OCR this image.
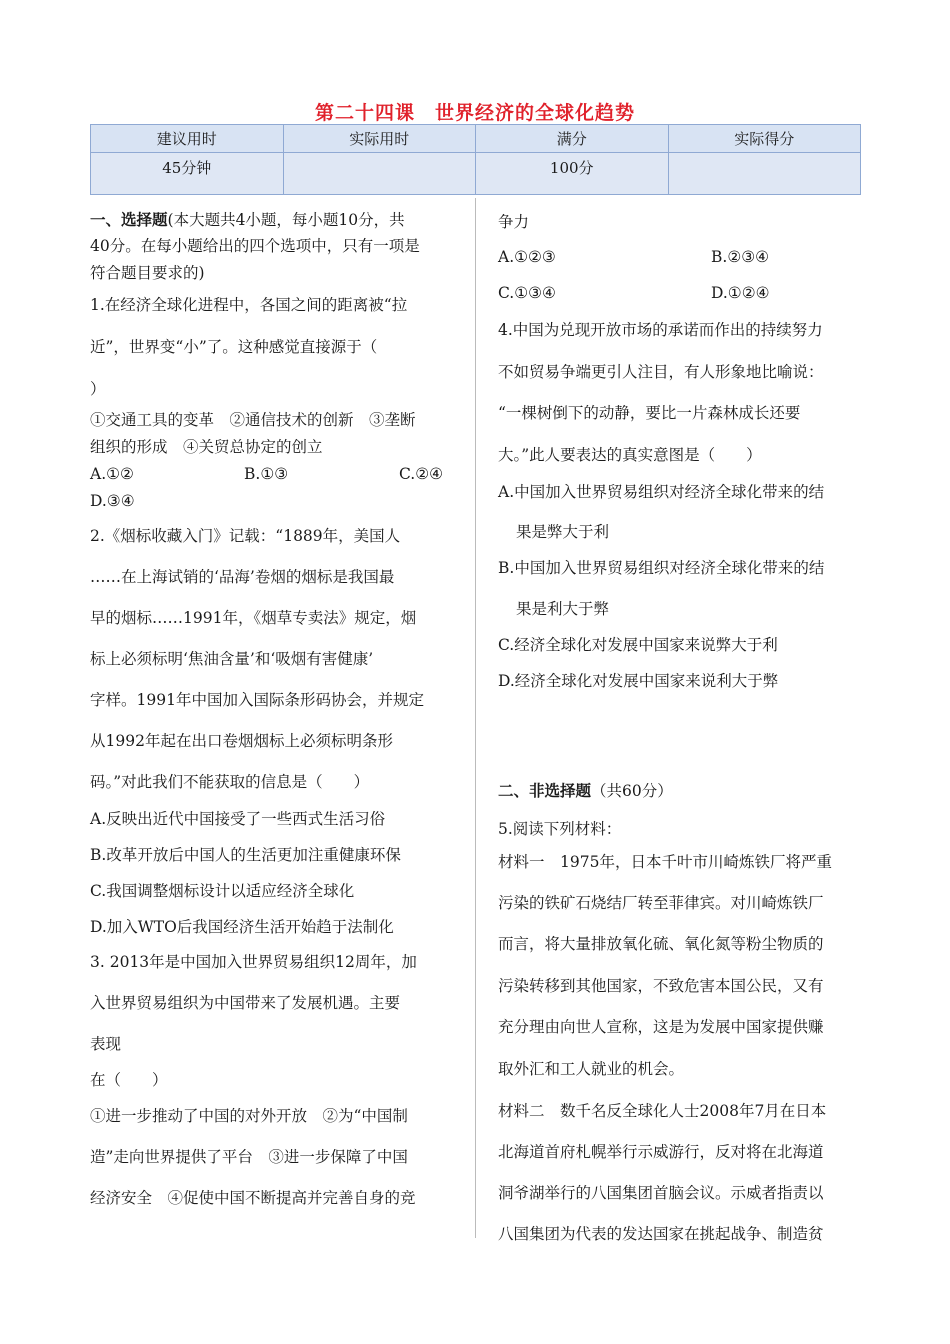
第二十四课　世界经济的全球化趋势
建议用时	实际用时	满分	实际得分
45分钟		100分	

一、选择题(本大题共4小题，每小题10分，共

40分。在每小题给出的四个选项中，只有一项是

符合题目要求的)

1.在经济全球化进程中，各国之间的距离被“拉

近”，世界变“小”了。这种感觉直接源于（

）

①交通工具的变革　②通信技术的创新　③垄断

组织的形成　④关贸总协定的创立

A.①②	B.①③	C.②④

D.③④

2.《烟标收藏入门》记载：“1889年，美国人

……在上海试销的‘品海’卷烟的烟标是我国最

早的烟标……1991年，《烟草专卖法》规定，烟

标上必须标明‘焦油含量’和‘吸烟有害健康’

字样。1991年中国加入国际条形码协会，并规定

从1992年起在出口卷烟烟标上必须标明条形

码。”对此我们不能获取的信息是（　　）

A.反映出近代中国接受了一些西式生活习俗

B.改革开放后中国人的生活更加注重健康环保

C.我国调整烟标设计以适应经济全球化

D.加入WTO后我国经济生活开始趋于法制化

3. 2013年是中国加入世界贸易组织12周年，加

入世界贸易组织为中国带来了发展机遇。主要

表现

在（　　）

①进一步推动了中国的对外开放　②为“中国制

造”走向世界提供了平台　③进一步保障了中国

经济安全　④促使中国不断提高并完善自身的竞

争力

A.①②③	B.②③④

C.①③④	D.①②④

4.中国为兑现开放市场的承诺而作出的持续努力

不如贸易争端更引人注目，有人形象地比喻说：

“一棵树倒下的动静，要比一片森林成长还要

大。”此人要表达的真实意图是（　　）

A.中国加入世界贸易组织对经济全球化带来的结

果是弊大于利

B.中国加入世界贸易组织对经济全球化带来的结

果是利大于弊

C.经济全球化对发展中国家来说弊大于利

D.经济全球化对发展中国家来说利大于弊

二、非选择题（共60分）

5.阅读下列材料：

材料一　1975年，日本千叶市川崎炼铁厂将严重

污染的铁矿石烧结厂转至菲律宾。对川崎炼铁厂

而言，将大量排放氧化硫、氧化氮等粉尘物质的

污染转移到其他国家，不致危害本国公民，又有

充分理由向世人宣称，这是为发展中国家提供赚

取外汇和工人就业的机会。

材料二　数千名反全球化人士2008年7月在日本

北海道首府札幌举行示威游行，反对将在北海道

洞爷湖举行的八国集团首脑会议。示威者指责以

八国集团为代表的发达国家在挑起战争、制造贫
